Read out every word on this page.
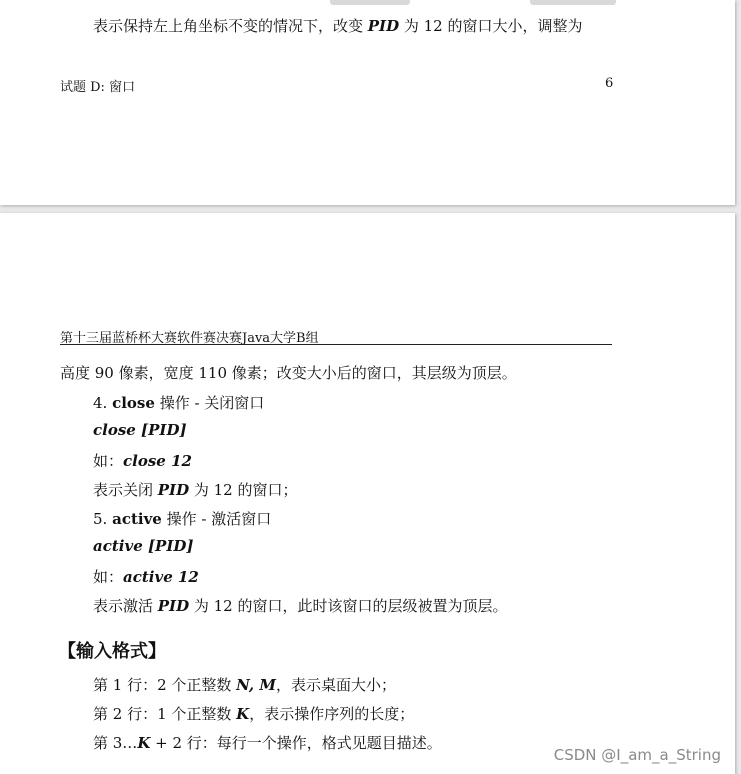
表示保持左上角坐标不变的情况下，改变 PID 为 12 的窗口大小，调整为
试题 D: 窗口	6
第十三届蓝桥杯大赛软件赛决赛Java大学B组
高度 90 像素，宽度 110 像素；改变大小后的窗口，其层级为顶层。
4. close 操作 - 关闭窗口
close [PID]
如：close 12
表示关闭 PID 为 12 的窗口；
5. active 操作 - 激活窗口
active [PID]
如：active 12
表示激活 PID 为 12 的窗口，此时该窗口的层级被置为顶层。
【输入格式】
第 1 行：2 个正整数 N, M，表示桌面大小；
第 2 行：1 个正整数 K，表示操作序列的长度；
第 3…K + 2 行：每行一个操作，格式见题目描述。
CSDN @I_am_a_String
